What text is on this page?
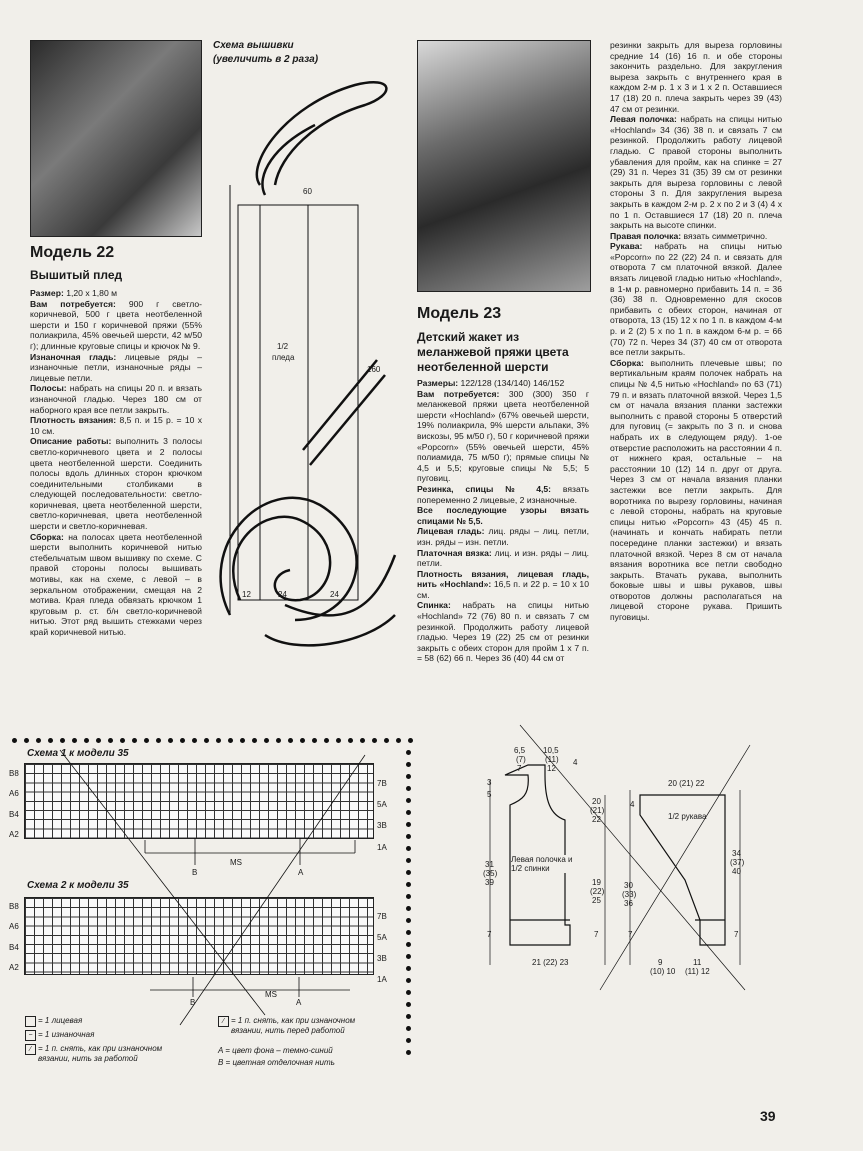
Схема вышивки
(увеличить в 2 раза)
60
160
1/2
пледа
12	24	24
Модель 22
Вышитый плед

Размер: 1,20 х 1,80 м

Вам потребуется: 900 г светло-коричневой, 500 г цвета неотбеленной шерсти и 150 г коричневой пряжи (55% полиакрила, 45% овечьей шерсти, 42 м/50 г); длинные круговые спицы и крючок № 9.

Изнаночная гладь: лицевые ряды – изнаночные петли, изнаночные ряды – лицевые петли.

Полосы: набрать на спицы 20 п. и вязать изнаночной гладью. Через 180 см от наборного края все петли закрыть.

Плотность вязания: 8,5 п. и 15 р. = 10 х 10 см.

Описание работы: выполнить 3 полосы светло-коричневого цвета и 2 полосы цвета неотбеленной шерсти. Соединить полосы вдоль длинных сторон крючком соединительными столбиками в следующей последовательности: светло-коричневая, цвета неотбеленной шерсти, светло-коричневая, цвета неотбеленной шерсти и светло-коричневая.

Сборка: на полосах цвета неотбеленной шерсти выполнить коричневой нитью стебельчатым швом вышивку по схеме. С правой стороны полосы вышивать мотивы, как на схеме, с левой – в зеркальном отображении, смещая на 2 мотива. Края пледа обвязать крючком 1 круговым р. ст. б/н светло-коричневой нитью. Этот ряд вышить стежками через край коричневой нитью.

Модель 23
Детский жакет из меланжевой пряжи цвета неотбеленной шерсти

Размеры: 122/128 (134/140) 146/152

Вам потребуется: 300 (300) 350 г меланжевой пряжи цвета неотбеленной шерсти «Hochland» (67% овечьей шерсти, 19% полиакрила, 9% шерсти альпаки, 3% вискозы, 95 м/50 г), 50 г коричневой пряжи «Popcorn» (55% овечьей шерсти, 45% полиамида, 75 м/50 г); прямые спицы № 4,5 и 5,5; круговые спицы № 5,5; 5 пуговиц.

Резинка, спицы № 4,5: вязать попеременно 2 лицевые, 2 изнаночные.

Все последующие узоры вязать спицами № 5,5.

Лицевая гладь: лиц. ряды – лиц. петли, изн. ряды – изн. петли.

Платочная вязка: лиц. и изн. ряды – лиц. петли.

Плотность вязания, лицевая гладь, нить «Hochland»: 16,5 п. и 22 р. = 10 х 10 см.

Спинка: набрать на спицы нитью «Hochland» 72 (76) 80 п. и связать 7 см резинкой. Продолжить работу лицевой гладью. Через 19 (22) 25 см от резинки закрыть с обеих сторон для пройм 1 х 7 п. = 58 (62) 66 п. Через 36 (40) 44 см от

резинки закрыть для выреза горловины средние 14 (16) 16 п. и обе стороны закончить раздельно. Для закругления выреза закрыть с внутреннего края в каждом 2-м р. 1 х 3 и 1 х 2 п. Оставшиеся 17 (18) 20 п. плеча закрыть через 39 (43) 47 см от резинки.

Левая полочка: набрать на спицы нитью «Hochland» 34 (36) 38 п. и связать 7 см резинкой. Продолжить работу лицевой гладью. С правой стороны выполнить убавления для пройм, как на спинке = 27 (29) 31 п. Через 31 (35) 39 см от резинки закрыть для выреза горловины с левой стороны 3 п. Для закругления выреза закрыть в каждом 2-м р. 2 х по 2 и 3 (4) 4 х по 1 п. Оставшиеся 17 (18) 20 п. плеча закрыть на высоте спинки.

Правая полочка: вязать симметрично.

Рукава: набрать на спицы нитью «Popcorn» по 22 (22) 24 п. и связать для отворота 7 см платочной вязкой. Далее вязать лицевой гладью нитью «Hochland», в 1-м р. равномерно прибавить 14 п. = 36 (36) 38 п. Одновременно для скосов прибавить с обеих сторон, начиная от отворота, 13 (15) 12 х по 1 п. в каждом 4-м р. и 2 (2) 5 х по 1 п. в каждом 6-м р. = 66 (70) 72 п. Через 34 (37) 40 см от отворота все петли закрыть.

Сборка: выполнить плечевые швы; по вертикальным краям полочек набрать на спицы № 4,5 нитью «Hochland» по 63 (71) 79 п. и вязать платочной вязкой. Через 1,5 см от начала вязания планки застежки выполнить с правой стороны 5 отверстий для пуговиц (= закрыть по 3 п. и снова набрать их в следующем ряду). 1-ое отверстие расположить на расстоянии 4 п. от нижнего края, остальные – на расстоянии 10 (12) 14 п. друг от друга. Через 3 см от начала вязания планки застежки все петли закрыть. Для воротника по вырезу горловины, начиная с левой стороны, набрать на круговые спицы нитью «Popcorn» 43 (45) 45 п. (начинать и кончать набирать петли посередине планки застежки) и вязать платочной вязкой. Через 8 см от начала вязания воротника все петли свободно закрыть. Втачать рукава, выполнить боковые швы и швы рукавов, швы отворотов должны располагаться на лицевой стороне рукава. Пришить пуговицы.

Схема 1 к модели 35
B8
A6
B4
A2
7B
5A
3B
1A
MS
B	A
Схема 2 к модели 35
B8
A6
B4
A2
7B
5A
3B
1A
MS
B	A
= 1 лицевая
− = 1 изнаночная
⁄ = 1 п. снять, как при изнаночном вязании, нить за работой
⁄ = 1 п. снять, как при изнаночном вязании, нить перед работой
A = цвет фона – темно-синий
B = цветная отделочная нить
Левая полочка и 1/2 спинки
1/2 рукава
6,5
(7)
7
10,5
(11)
12
4
3
5
31
(35)
39
7
20
(21)
22
19
(22)
25
7
21 (22) 23
20 (21) 22
4
30
(33)
36
7
34
(37)
40
7
9
(10) 10
11
(11) 12
39
